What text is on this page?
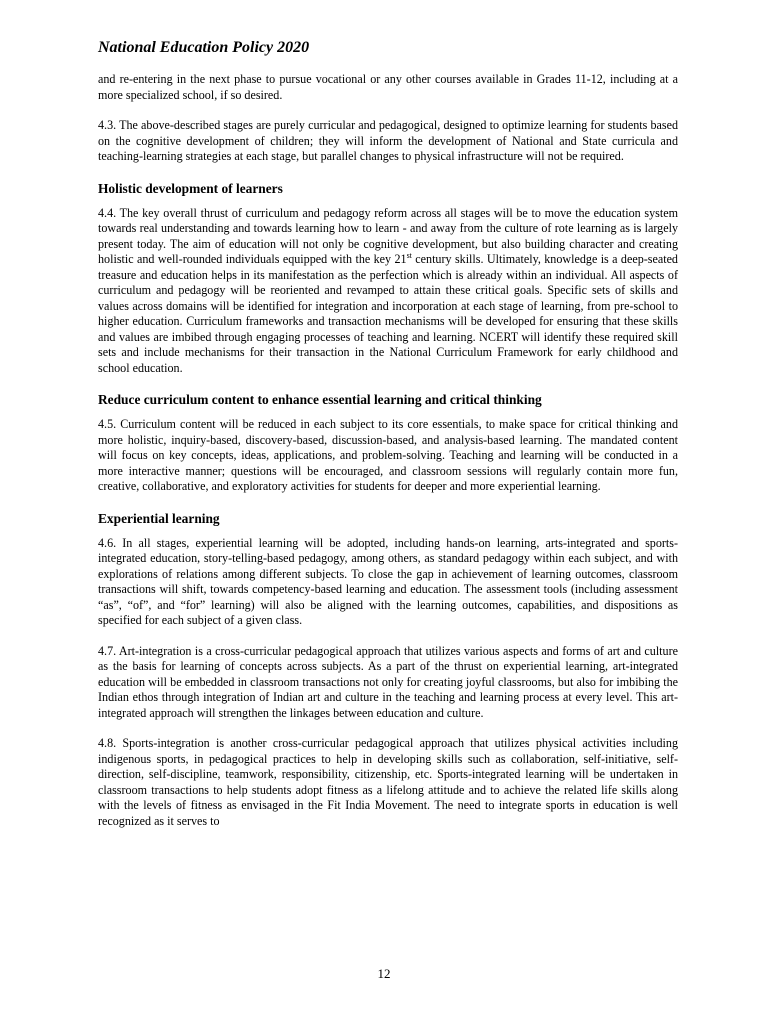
National Education Policy 2020

and re-entering in the next phase to pursue vocational or any other courses available in Grades 11-12, including at a more specialized school, if so desired.

4.3. The above-described stages are purely curricular and pedagogical, designed to optimize learning for students based on the cognitive development of children; they will inform the development of National and State curricula and teaching-learning strategies at each stage, but parallel changes to physical infrastructure will not be required.

Holistic development of learners

4.4. The key overall thrust of curriculum and pedagogy reform across all stages will be to move the education system towards real understanding and towards learning how to learn - and away from the culture of rote learning as is largely present today. The aim of education will not only be cognitive development, but also building character and creating holistic and well-rounded individuals equipped with the key 21st century skills. Ultimately, knowledge is a deep-seated treasure and education helps in its manifestation as the perfection which is already within an individual. All aspects of curriculum and pedagogy will be reoriented and revamped to attain these critical goals. Specific sets of skills and values across domains will be identified for integration and incorporation at each stage of learning, from pre-school to higher education. Curriculum frameworks and transaction mechanisms will be developed for ensuring that these skills and values are imbibed through engaging processes of teaching and learning. NCERT will identify these required skill sets and include mechanisms for their transaction in the National Curriculum Framework for early childhood and school education.

Reduce curriculum content to enhance essential learning and critical thinking

4.5. Curriculum content will be reduced in each subject to its core essentials, to make space for critical thinking and more holistic, inquiry-based, discovery-based, discussion-based, and analysis-based learning. The mandated content will focus on key concepts, ideas, applications, and problem-solving. Teaching and learning will be conducted in a more interactive manner; questions will be encouraged, and classroom sessions will regularly contain more fun, creative, collaborative, and exploratory activities for students for deeper and more experiential learning.

Experiential learning

4.6. In all stages, experiential learning will be adopted, including hands-on learning, arts-integrated and sports-integrated education, story-telling-based pedagogy, among others, as standard pedagogy within each subject, and with explorations of relations among different subjects. To close the gap in achievement of learning outcomes, classroom transactions will shift, towards competency-based learning and education. The assessment tools (including assessment “as”, “of”, and “for” learning) will also be aligned with the learning outcomes, capabilities, and dispositions as specified for each subject of a given class.

4.7. Art-integration is a cross-curricular pedagogical approach that utilizes various aspects and forms of art and culture as the basis for learning of concepts across subjects. As a part of the thrust on experiential learning, art-integrated education will be embedded in classroom transactions not only for creating joyful classrooms, but also for imbibing the Indian ethos through integration of Indian art and culture in the teaching and learning process at every level. This art-integrated approach will strengthen the linkages between education and culture.

4.8. Sports-integration is another cross-curricular pedagogical approach that utilizes physical activities including indigenous sports, in pedagogical practices to help in developing skills such as collaboration, self-initiative, self-direction, self-discipline, teamwork, responsibility, citizenship, etc. Sports-integrated learning will be undertaken in classroom transactions to help students adopt fitness as a lifelong attitude and to achieve the related life skills along with the levels of fitness as envisaged in the Fit India Movement. The need to integrate sports in education is well recognized as it serves to

12
